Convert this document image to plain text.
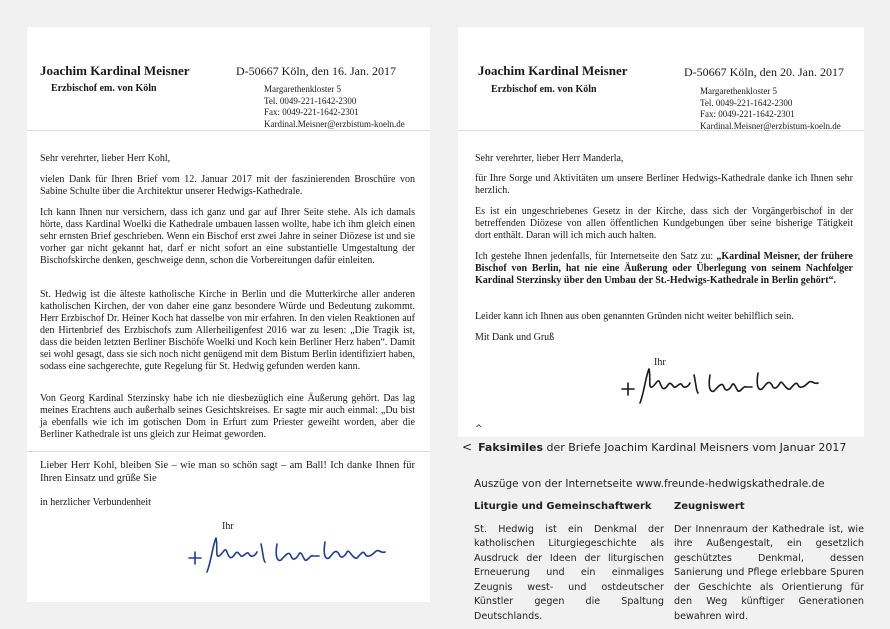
Joachim Kardinal Meisner	D-50667 Köln, den 16. Jan. 2017
Erzbischof em. von Köln	Margarethenkloster 5
Tel. 0049-221-1642-2300
Fax: 0049-221-1642-2301
Kardinal.Meisner@erzbistum-koeln.de
Sehr verehrter, lieber Herr Kohl,
vielen Dank für Ihren Brief vom 12. Januar 2017 mit der faszinierenden Broschüre von Sabine Schulte über die Architektur unserer Hedwigs-Kathedrale.
Ich kann Ihnen nur versichern, dass ich ganz und gar auf Ihrer Seite stehe. Als ich damals hörte, dass Kardinal Woelki die Kathedrale umbauen lassen wollte, habe ich ihm gleich einen sehr ernsten Brief geschrieben. Wenn ein Bischof erst zwei Jahre in seiner Diözese ist und sie vorher gar nicht gekannt hat, darf er nicht sofort an eine substantielle Umgestaltung der Bischofskirche denken, geschweige denn, schon die Vorbereitungen dafür einleiten.
St. Hedwig ist die älteste katholische Kirche in Berlin und die Mutterkirche aller anderen katholischen Kirchen, der von daher eine ganz besondere Würde und Bedeutung zukommt. Herr Erzbischof Dr. Heiner Koch hat dasselbe von mir erfahren. In den vielen Reaktionen auf den Hirtenbrief des Erzbischofs zum Allerheiligenfest 2016 war zu lesen: „Die Tragik ist, dass die beiden letzten Berliner Bischöfe Woelki und Koch kein Berliner Herz haben“. Damit sei wohl gesagt, dass sie sich noch nicht genügend mit dem Bistum Berlin identifiziert haben, sodass eine sachgerechte, gute Regelung für St. Hedwig gefunden werden kann.
Von Georg Kardinal Sterzinsky habe ich nie diesbezüglich eine Äußerung gehört. Das lag meines Erachtens auch außerhalb seines Gesichtskreises. Er sagte mir auch einmal: „Du bist ja ebenfalls wie ich im gotischen Dom in Erfurt zum Priester geweiht worden, aber die Berliner Kathedrale ist uns gleich zur Heimat geworden.
Lieber Herr Kohl, bleiben Sie – wie man so schön sagt – am Ball! Ich danke Ihnen für Ihren Einsatz und grüße Sie
in herzlicher Verbundenheit
Ihr
Joachim Kardinal Meisner	D-50667 Köln, den 20. Jan. 2017
Erzbischof em. von Köln	Margarethenkloster 5
Tel. 0049-221-1642-2300
Fax: 0049-221-1642-2301
Kardinal.Meisner@erzbistum-koeln.de
Sehr verehrter, lieber Herr Manderla,
für Ihre Sorge und Aktivitäten um unsere Berliner Hedwigs-Kathedrale danke ich Ihnen sehr herzlich.
Es ist ein ungeschriebenes Gesetz in der Kirche, dass sich der Vorgängerbischof in der betreffenden Diözese von allen öffentlichen Kundgebungen über seine bisherige Tätigkeit dort enthält. Daran will ich mich auch halten.
Ich gestehe Ihnen jedenfalls, für Internetseite den Satz zu: „Kardinal Meisner, der frühere Bischof von Berlin, hat nie eine Äußerung oder Überlegung von seinem Nachfolger Kardinal Sterzinsky über den Umbau der St.-Hedwigs-Kathedrale in Berlin gehört“.
Leider kann ich Ihnen aus oben genannten Gründen nicht weiter behilflich sein.
Mit Dank und Gruß
Ihr
^
< Faksimiles der Briefe Joachim Kardinal Meisners vom Januar 2017
Auszüge von der Internetseite www.freunde-hedwigskathedrale.de
Liturgie und Gemeinschaftwerk

St. Hedwig ist ein Denkmal der katholischen Liturgiegeschichte als Ausdruck der Ideen der liturgischen Erneuerung und ein einmaliges Zeugnis west- und ostdeutscher Künstler gegen die Spaltung Deutschlands.

Zeugniswert

Der Innenraum der Kathedrale ist, wie ihre Außengestalt, ein gesetzlich geschütztes Denkmal, dessen Sanierung und Pflege erlebbare Spuren der Geschichte als Orientierung für den Weg künftiger Generationen bewahren wird.
